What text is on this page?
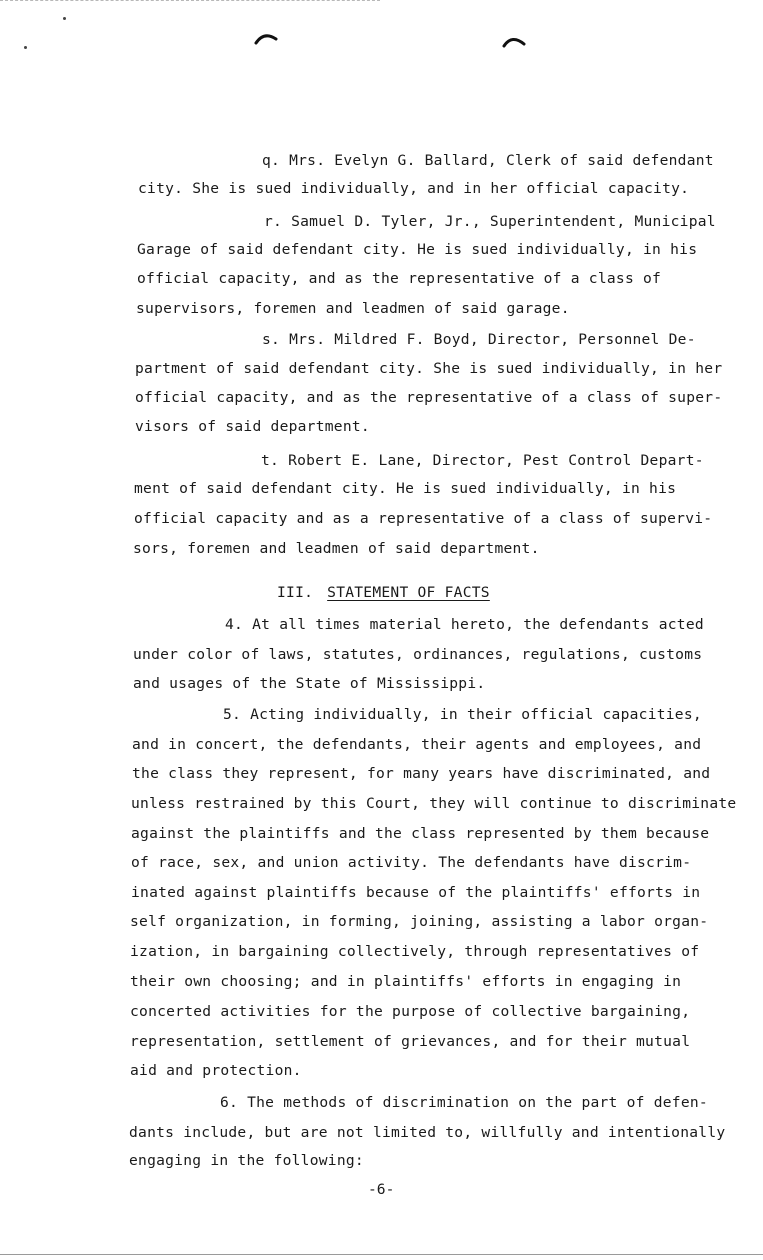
q. Mrs. Evelyn G. Ballard, Clerk of said defendant
city. She is sued individually, and in her official capacity.
r. Samuel D. Tyler, Jr., Superintendent, Municipal
Garage of said defendant city. He is sued individually, in his
official capacity, and as the representative of a class of
supervisors, foremen and leadmen of said garage.
s. Mrs. Mildred F. Boyd, Director, Personnel De-
partment of said defendant city. She is sued individually, in her
official capacity, and as the representative of a class of super-
visors of said department.
t. Robert E. Lane, Director, Pest Control Depart-
ment of said defendant city. He is sued individually, in his
official capacity and as a representative of a class of supervi-
sors, foremen and leadmen of said department.
III. STATEMENT OF FACTS
4. At all times material hereto, the defendants acted
under color of laws, statutes, ordinances, regulations, customs
and usages of the State of Mississippi.
5. Acting individually, in their official capacities,
and in concert, the defendants, their agents and employees, and
the class they represent, for many years have discriminated, and
unless restrained by this Court, they will continue to discriminate
against the plaintiffs and the class represented by them because
of race, sex, and union activity. The defendants have discrim-
inated against plaintiffs because of the plaintiffs' efforts in
self organization, in forming, joining, assisting a labor organ-
ization, in bargaining collectively, through representatives of
their own choosing; and in plaintiffs' efforts in engaging in
concerted activities for the purpose of collective bargaining,
representation, settlement of grievances, and for their mutual
aid and protection.
6. The methods of discrimination on the part of defen-
dants include, but are not limited to, willfully and intentionally
engaging in the following:
-6-
